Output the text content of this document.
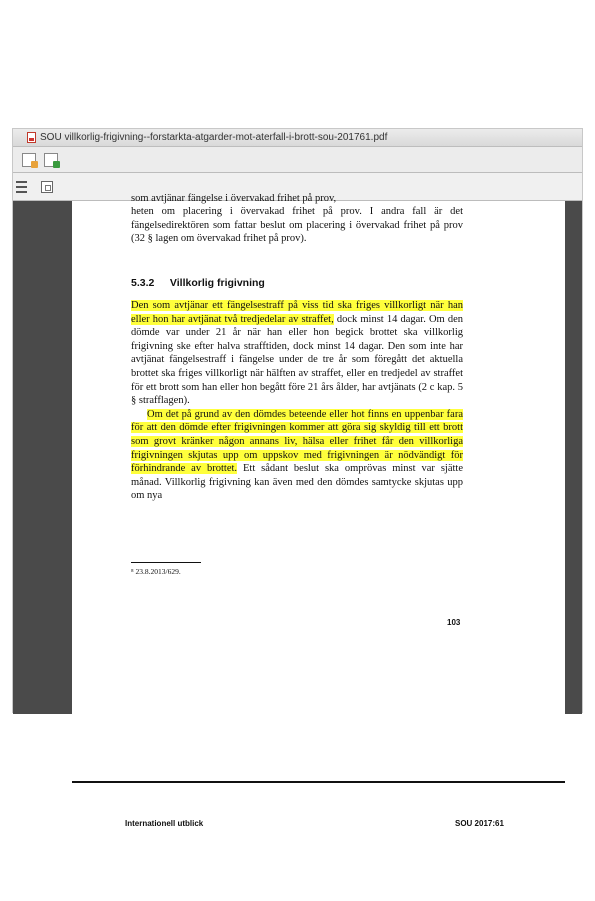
SOU villkorlig-frigivning--forstarkta-atgarder-mot-aterfall-i-brott-sou-201761.pdf

som avtjänar fängelse i övervakad frihet på prov,

heten om placering i övervakad frihet på prov. I andra fall är det fängelsedirektören som fattar beslut om placering i övervakad frihet på prov (32 § lagen om övervakad frihet på prov).

5.3.2 Villkorlig frigivning

Den som avtjänar ett fängelsestraff på viss tid ska friges villkorligt när han eller hon har avtjänat två tredjedelar av straffet, dock minst 14 dagar. Om den dömde var under 21 år när han eller hon begick brottet ska villkorlig frigivning ske efter halva strafftiden, dock minst 14 dagar. Den som inte har avtjänat fängelsestraff i fängelse under de tre år som föregått det aktuella brottet ska friges villkorligt när hälften av straffet, eller en tredjedel av straffet för ett brott som han eller hon begått före 21 års ålder, har avtjänats (2 c kap. 5 § strafflagen).

Om det på grund av den dömdes beteende eller hot finns en uppenbar fara för att den dömde efter frigivningen kommer att göra sig skyldig till ett brott som grovt kränker någon annans liv, hälsa eller frihet får den villkorliga frigivningen skjutas upp om uppskov med frigivningen är nödvändigt för förhindrande av brottet. Ett sådant beslut ska omprövas minst var sjätte månad. Villkorlig frigivning kan även med den dömdes samtycke skjutas upp om nya

⁸ 23.8.2013/629.
103
Internationell utblick	SOU 2017:61
